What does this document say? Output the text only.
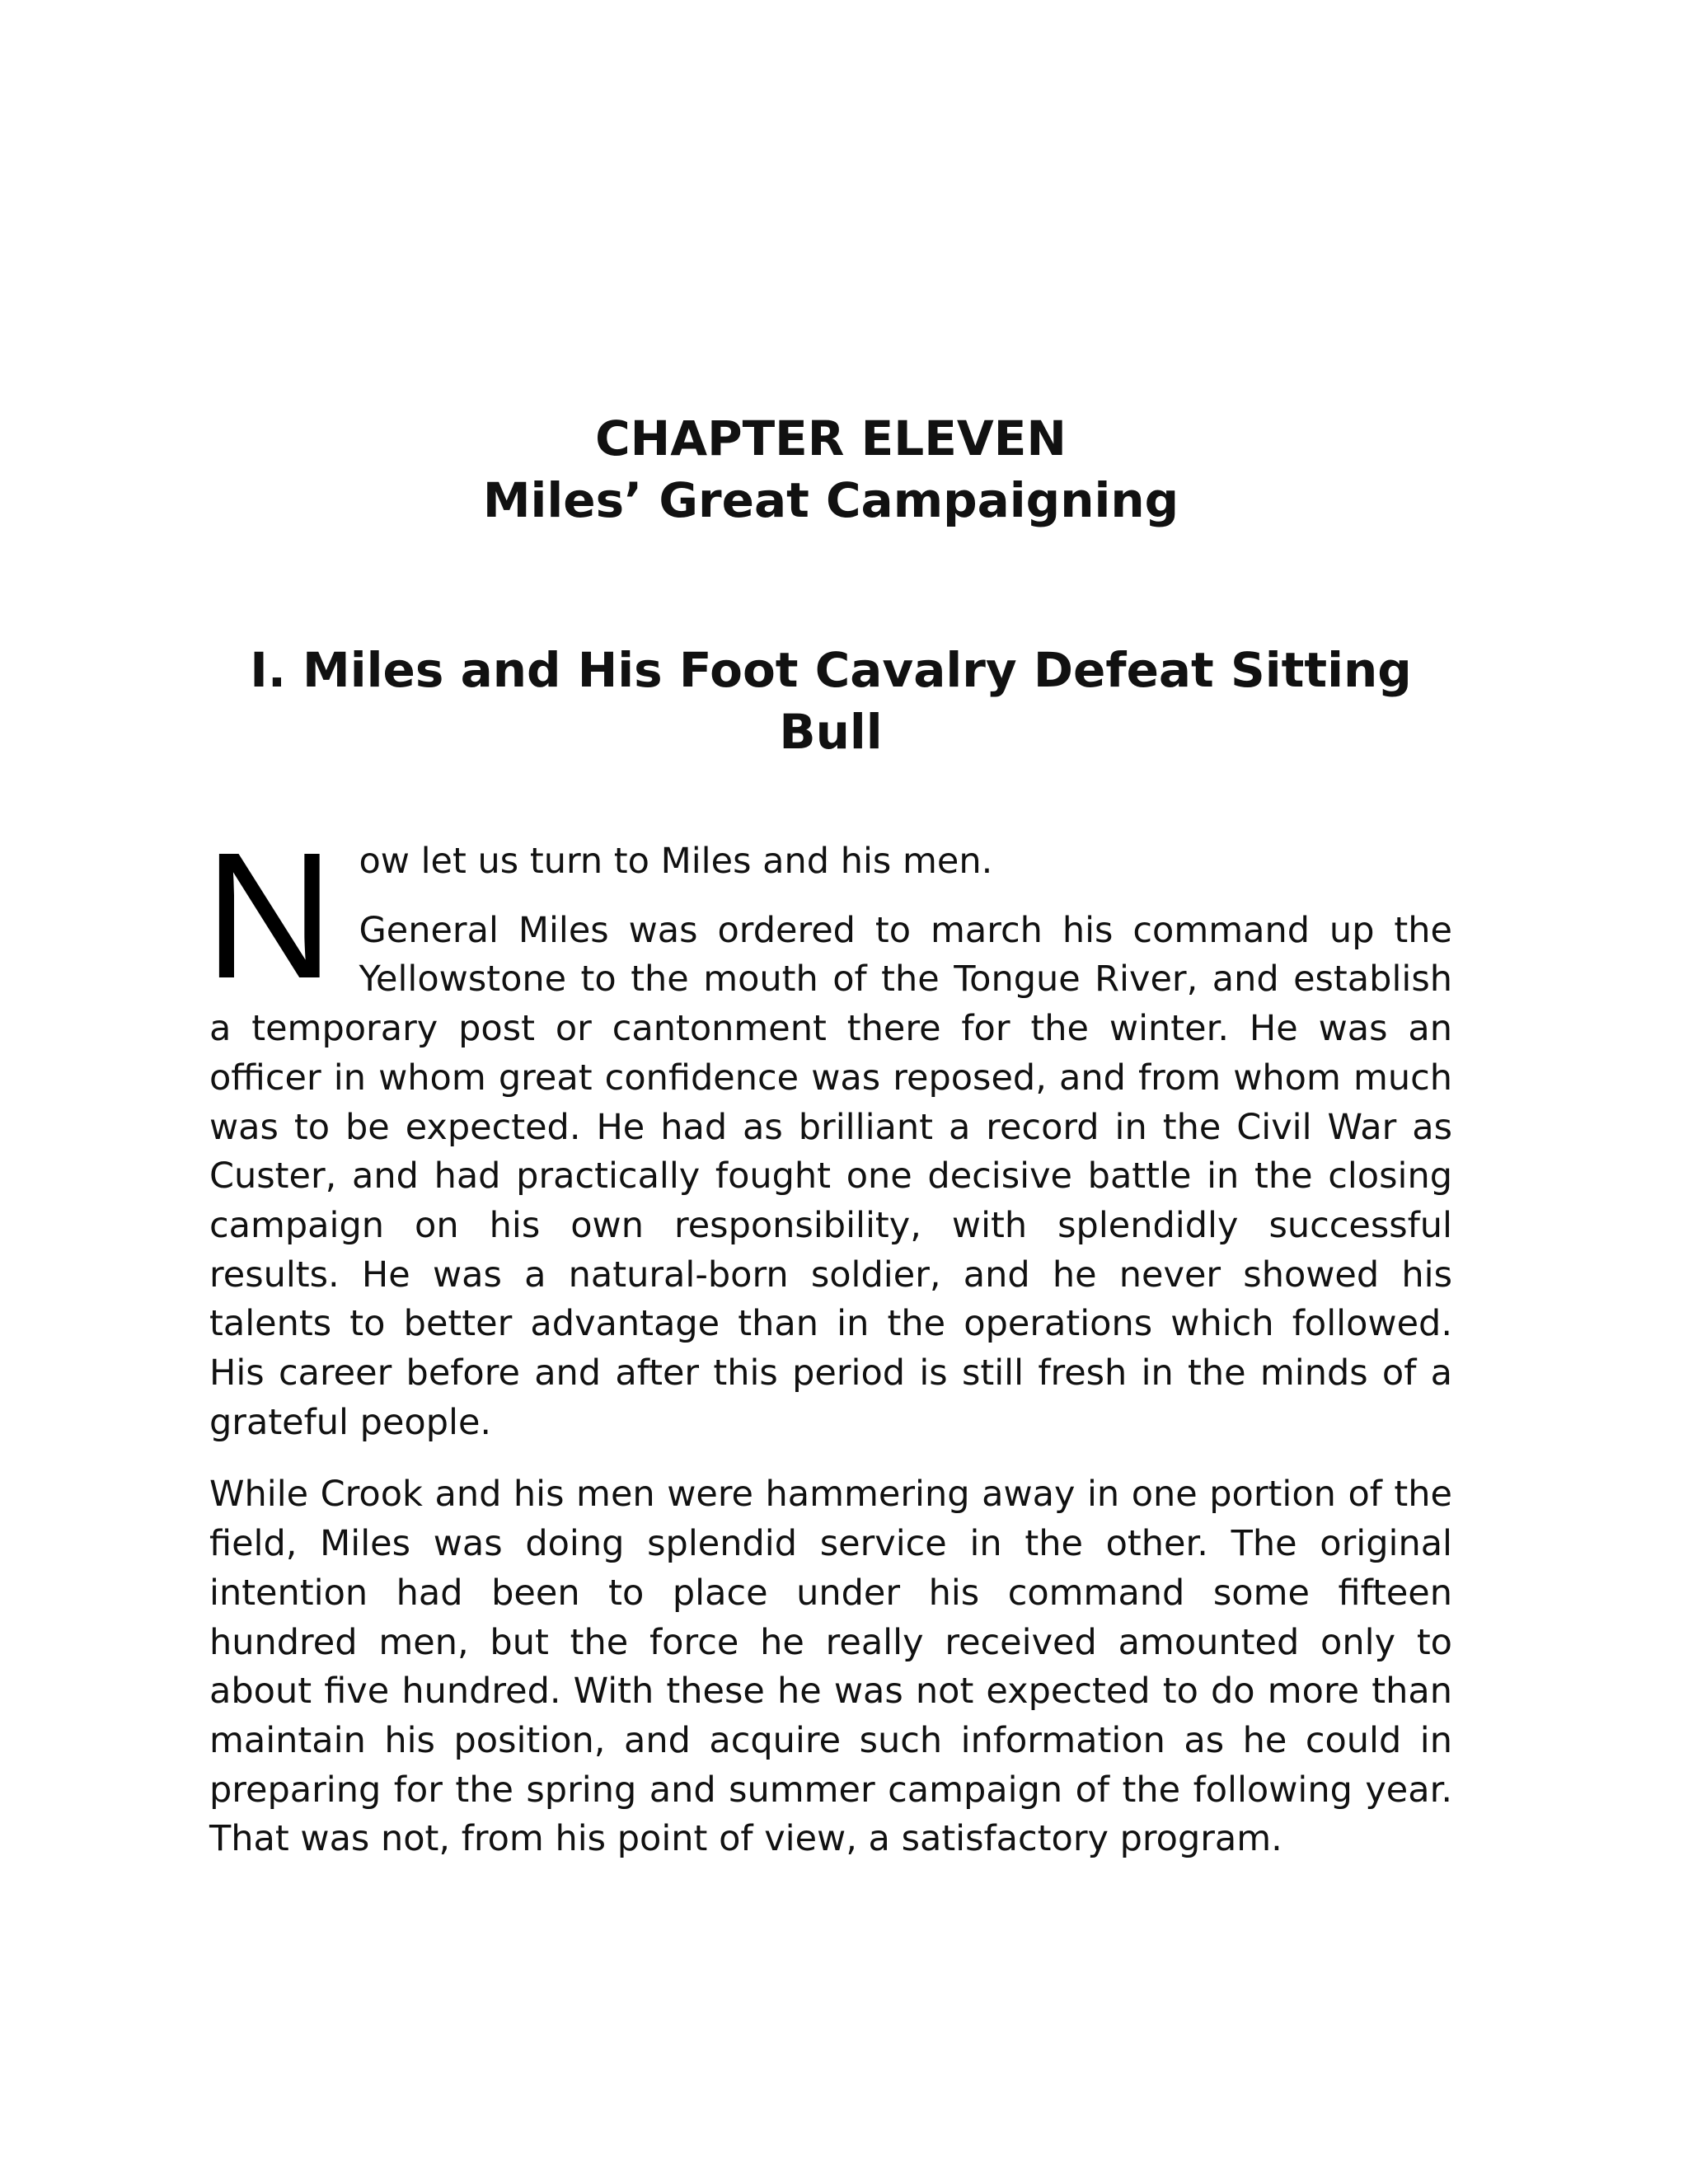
CHAPTER ELEVEN
Miles’ Great Campaigning
I. Miles and His Foot Cavalry Defeat Sitting Bull
N ow let us turn to Miles and his men.

General Miles was ordered to march his command up the Yellowstone to the mouth of the Tongue River, and establish a temporary post or cantonment there for the winter. He was an officer in whom great confidence was reposed, and from whom much was to be expected. He had as brilliant a record in the Civil War as Custer, and had practically fought one decisive battle in the closing campaign on his own responsibility, with splendidly successful results. He was a natural-born soldier, and he never showed his talents to better advantage than in the operations which followed. His career before and after this period is still fresh in the minds of a grateful people.

While Crook and his men were hammering away in one portion of the field, Miles was doing splendid service in the other. The original intention had been to place under his command some fifteen hundred men, but the force he really received amounted only to about five hundred. With these he was not expected to do more than maintain his position, and acquire such information as he could in preparing for the spring and summer campaign of the following year. That was not, from his point of view, a satisfactory program.
